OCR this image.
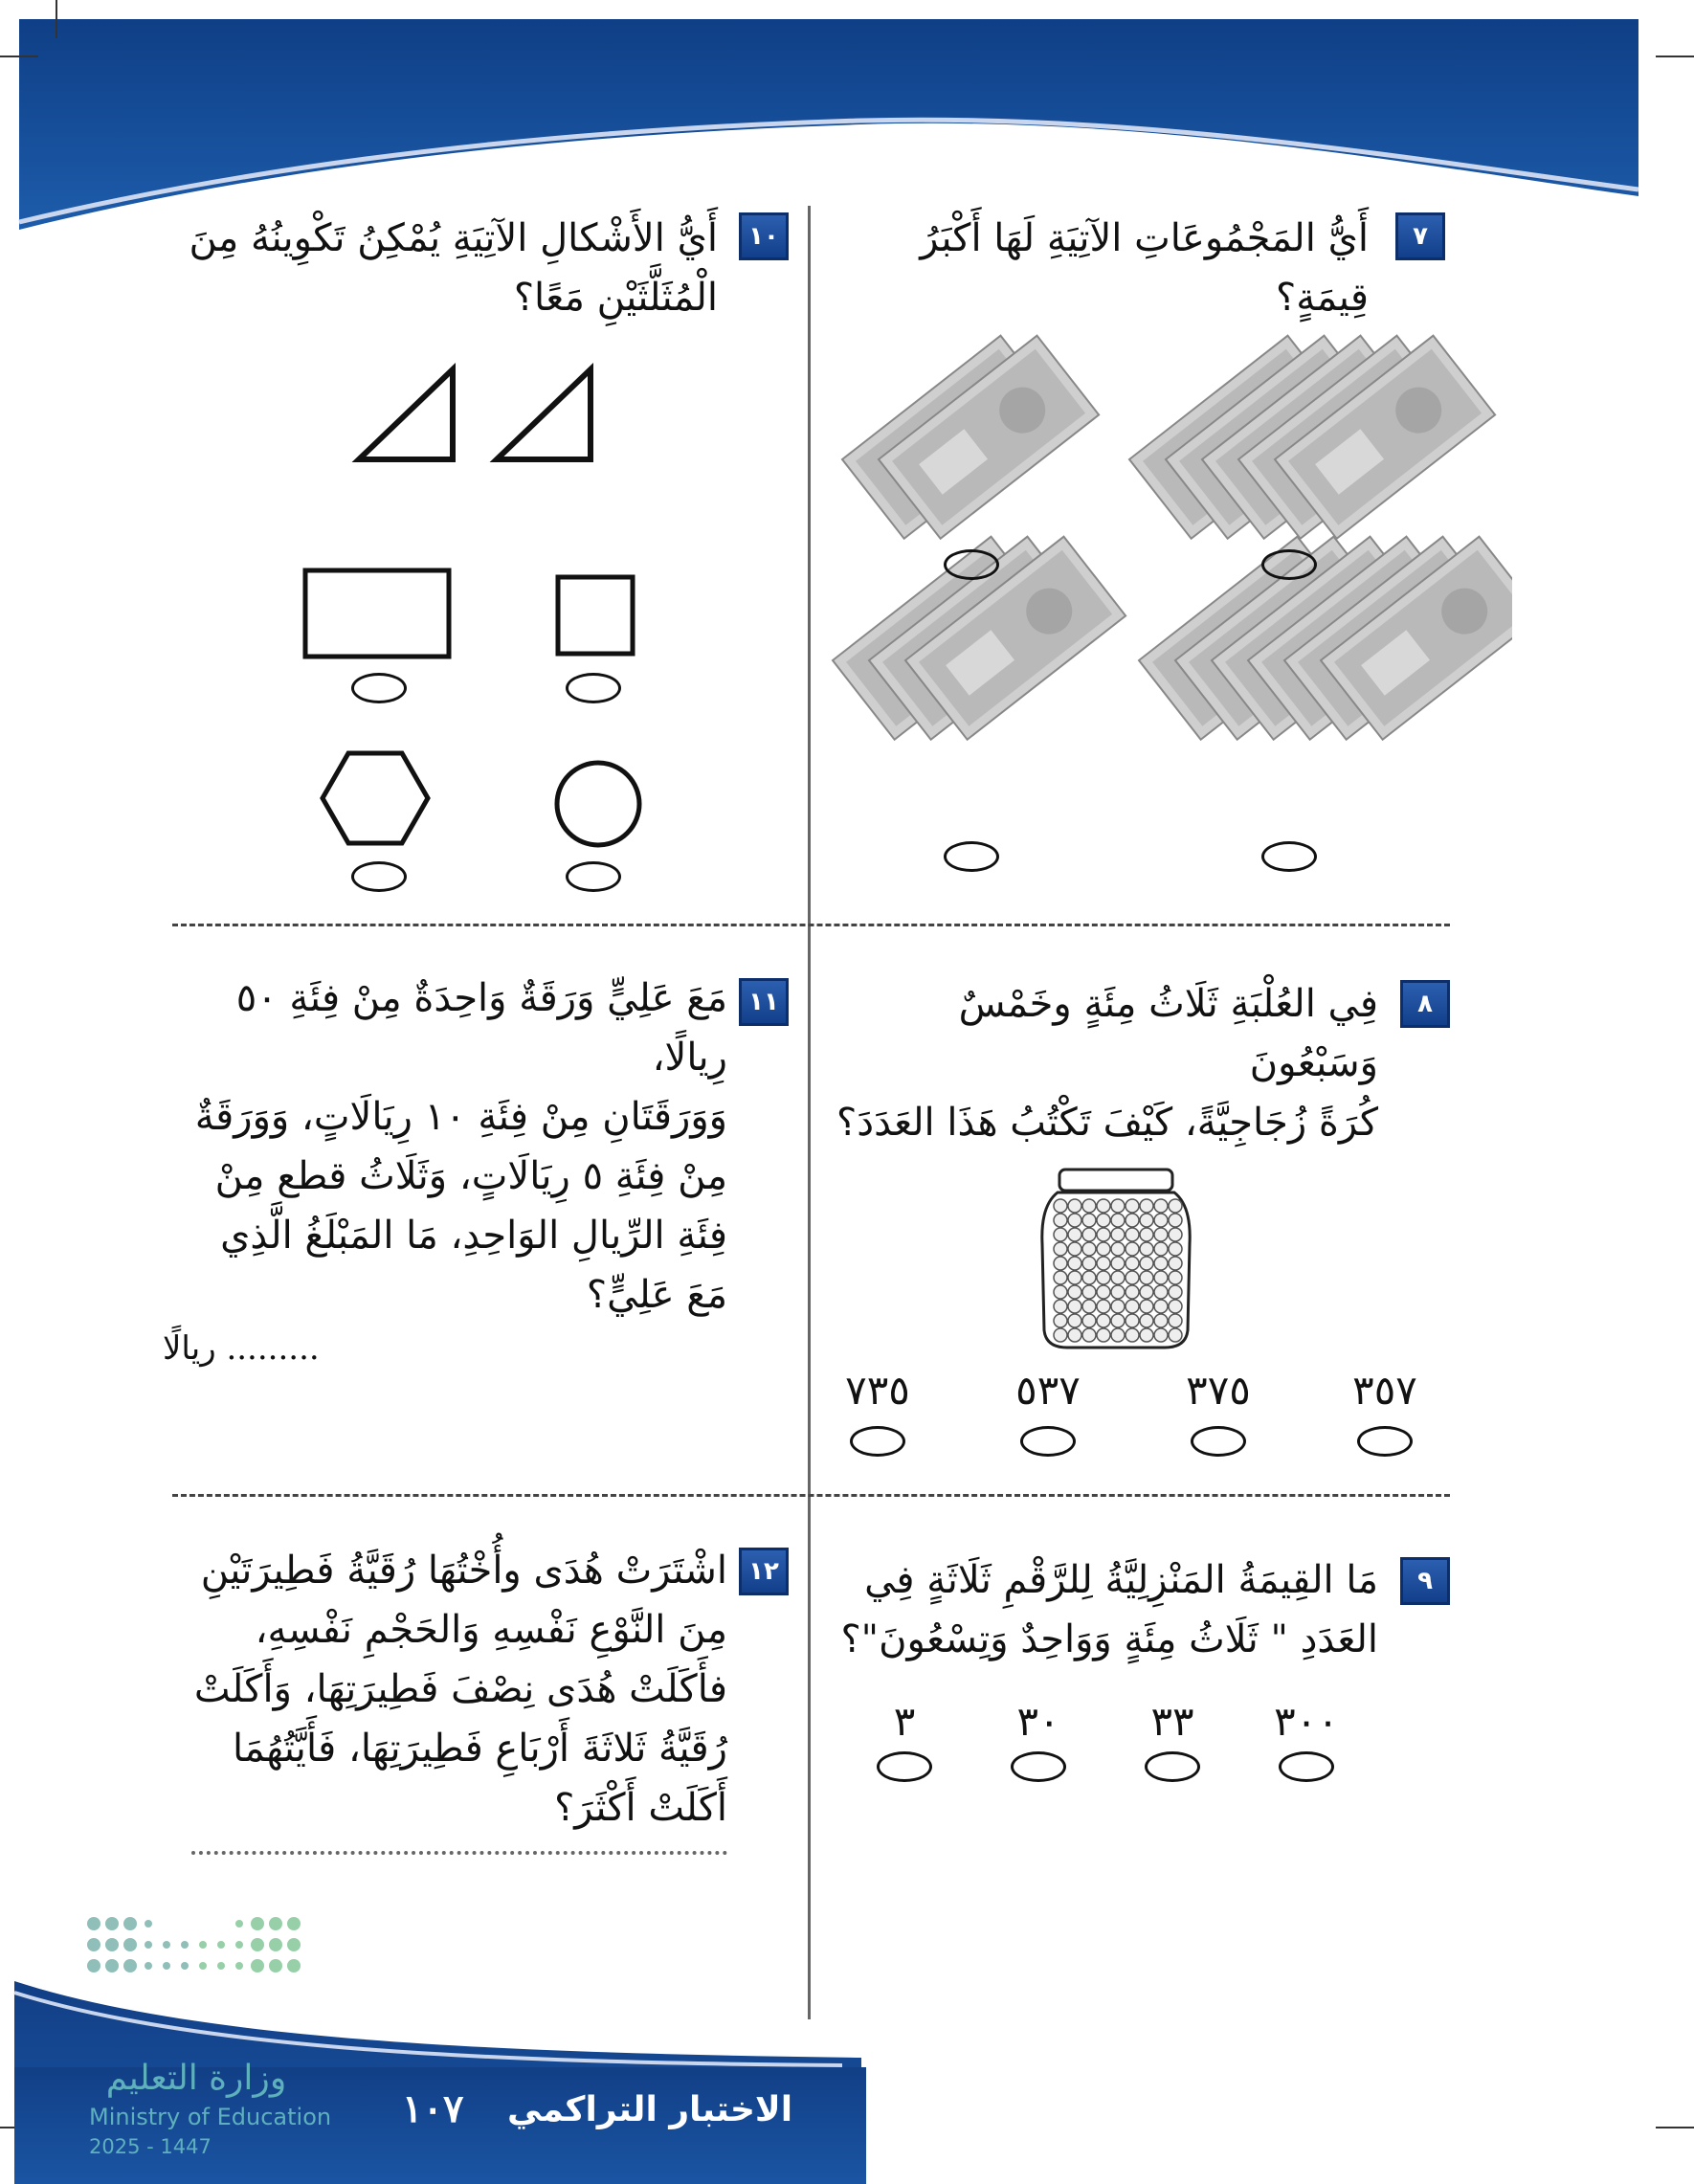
٧
أَيُّ المَجْمُوعَاتِ الآتِيَةِ لَهَا أَكْبَرُ قِيمَةٍ؟
١٠
أَيُّ الأَشْكالِ الآتِيَةِ يُمْكِنُ تَكْوِينُهُ مِنَ
الْمُثَلَّثَيْنِ مَعًا؟
٨
فِي العُلْبَةِ ثَلَاثُ مِئَةٍ وخَمْسٌ وَسَبْعُونَ
كُرَةً زُجَاجِيَّةً، كَيْفَ تَكْتُبُ هَذَا العَدَدَ؟
٣٥٧
٣٧٥
٥٣٧
٧٣٥
١١
مَعَ عَلِيٍّ وَرَقَةٌ وَاحِدَةٌ مِنْ فِئَةِ ٥٠ رِيالًا،
وَوَرَقَتَانِ مِنْ فِئَةِ ١٠ رِيَالَاتٍ، وَوَرَقَةٌ
مِنْ فِئَةِ ٥ رِيَالَاتٍ، وَثَلَاثُ قطع مِنْ
فِئَةِ الرِّيالِ الوَاحِدِ، مَا المَبْلَغُ الَّذِي
مَعَ عَلِيٍّ؟
......... ريالًا
٩
مَا القِيمَةُ المَنْزِلِيَّةُ لِلرَّقْمِ ثَلَاثَةٍ فِي
العَدَدِ " ثَلَاثُ مِئَةٍ وَوَاحِدٌ وَتِسْعُونَ"؟
٣٠٠
٣٣
٣٠
٣
١٢
اشْتَرَتْ هُدَى وأُخْتُهَا رُقَيَّةُ فَطِيرَتَيْنِ
مِنَ النَّوْعِ نَفْسِهِ وَالحَجْمِ نَفْسِهِ،
فأَكَلَتْ هُدَى نِصْفَ فَطِيرَتِهَا، وَأَكَلَتْ
رُقَيَّةُ ثَلاثَةَ أَرْبَاعِ فَطِيرَتِهَا، فَأَيَّتُهُمَا
أَكَلَتْ أَكْثَرَ؟
وزارة التعليم
Ministry of Education
2025 - 1447
١٠٧ الاختبار التراكمي
